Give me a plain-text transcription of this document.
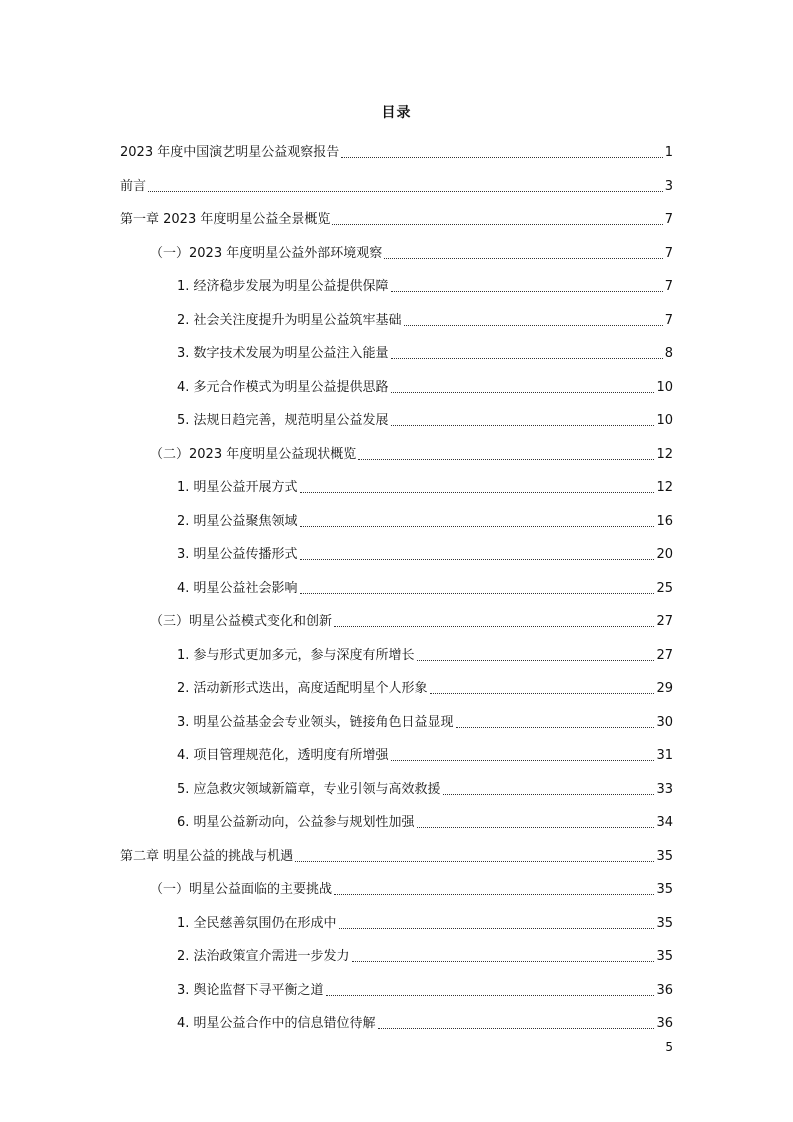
目录
2023 年度中国演艺明星公益观察报告	1
前言	3
第一章 2023 年度明星公益全景概览	7
（一）2023 年度明星公益外部环境观察	7
1. 经济稳步发展为明星公益提供保障	7
2. 社会关注度提升为明星公益筑牢基础	7
3. 数字技术发展为明星公益注入能量	8
4. 多元合作模式为明星公益提供思路	10
5. 法规日趋完善，规范明星公益发展	10
（二）2023 年度明星公益现状概览	12
1. 明星公益开展方式	12
2. 明星公益聚焦领域	16
3. 明星公益传播形式	20
4. 明星公益社会影响	25
（三）明星公益模式变化和创新	27
1. 参与形式更加多元，参与深度有所增长	27
2. 活动新形式迭出，高度适配明星个人形象	29
3. 明星公益基金会专业领头，链接角色日益显现	30
4. 项目管理规范化，透明度有所增强	31
5. 应急救灾领域新篇章，专业引领与高效救援	33
6. 明星公益新动向，公益参与规划性加强	34
第二章 明星公益的挑战与机遇	35
（一）明星公益面临的主要挑战	35
1. 全民慈善氛围仍在形成中	35
2. 法治政策宣介需进一步发力	35
3. 舆论监督下寻平衡之道	36
4. 明星公益合作中的信息错位待解	36
5
